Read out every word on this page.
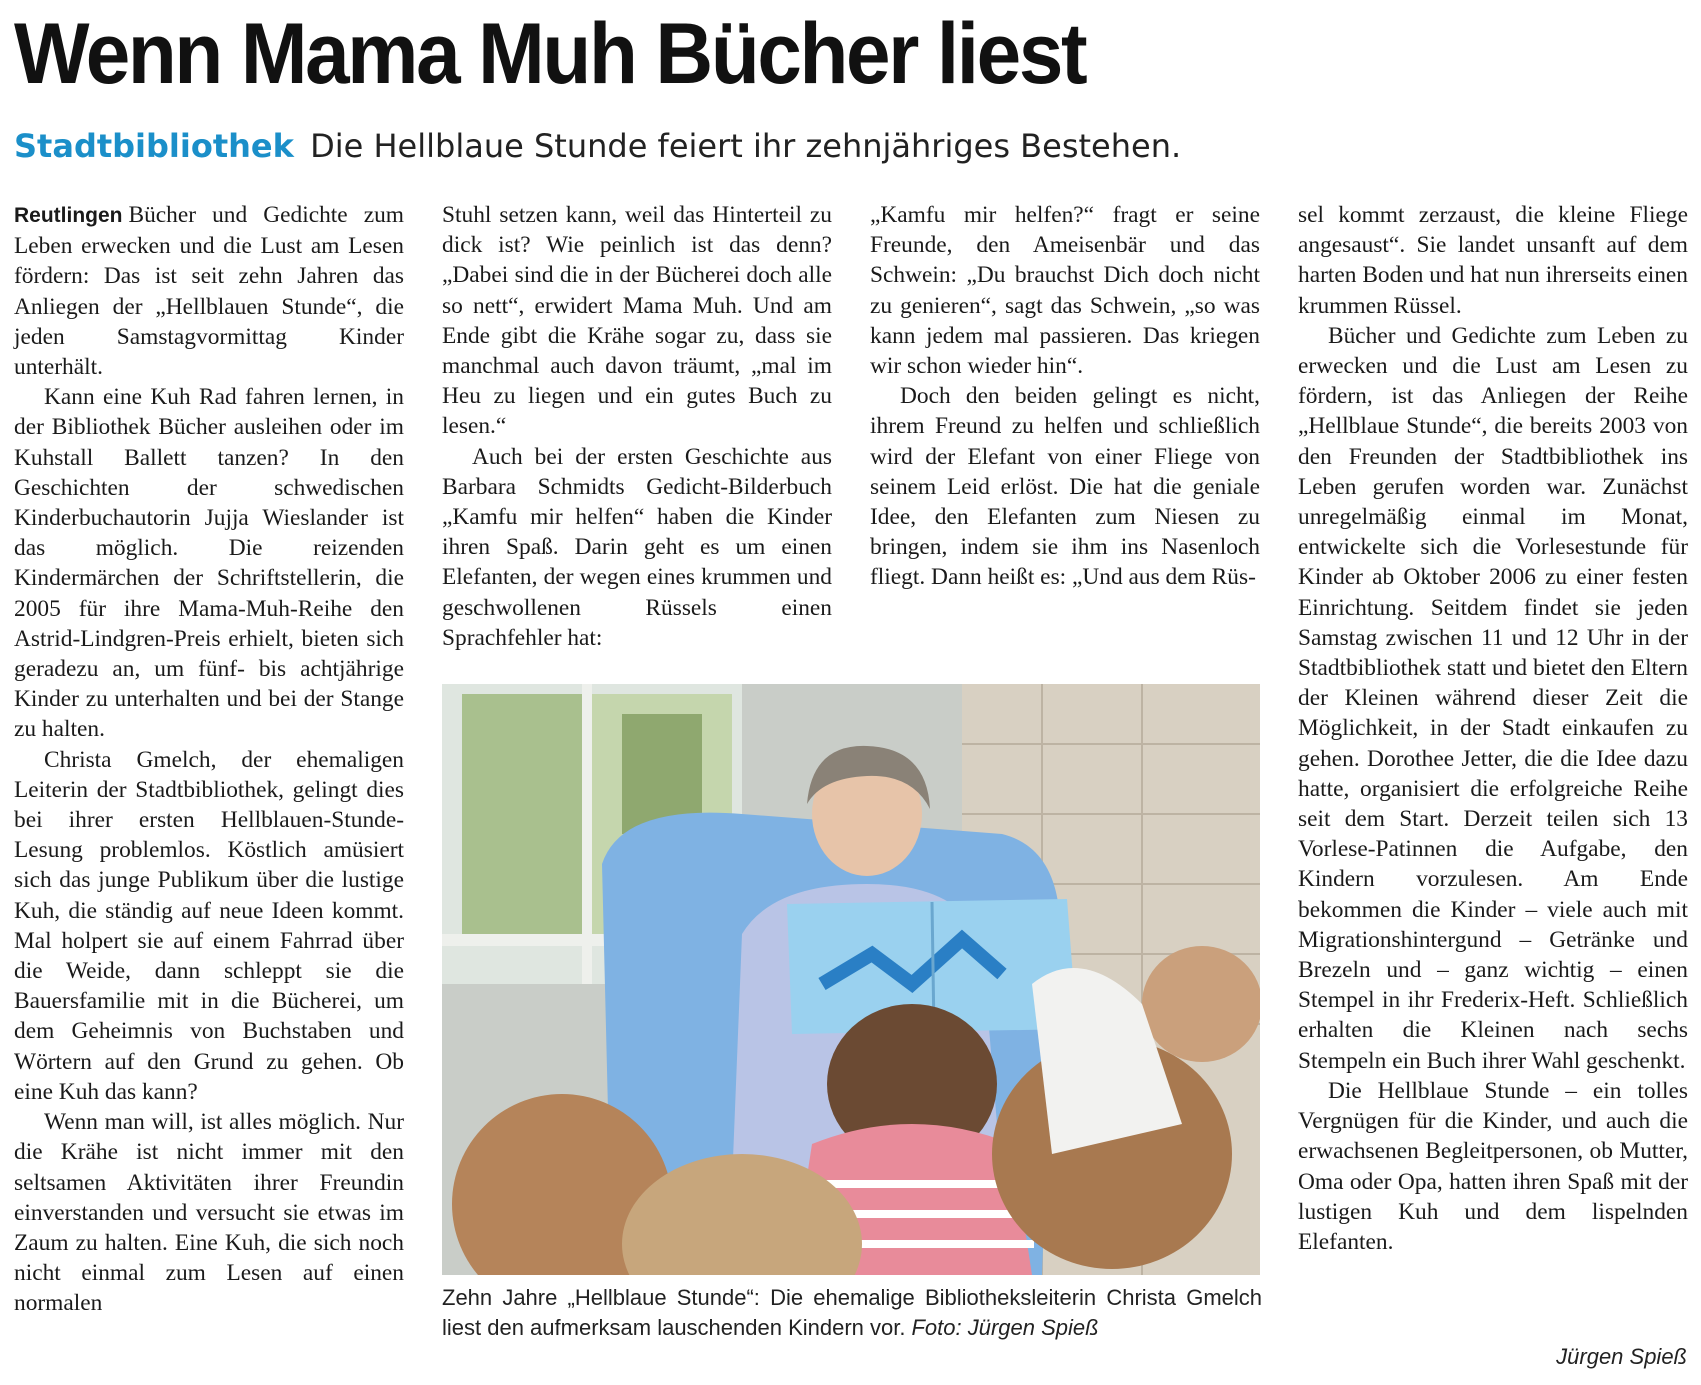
Wenn Mama Muh Bücher liest
Stadtbibliothek Die Hellblaue Stunde feiert ihr zehnjähriges Bestehen.

Reutlingen Bücher und Gedichte zum Leben erwecken und die Lust am Lesen fördern: Das ist seit zehn Jahren das Anliegen der „Hellblauen Stunde“, die jeden Samstagvormittag Kinder unterhält.

Kann eine Kuh Rad fahren lernen, in der Bibliothek Bücher ausleihen oder im Kuhstall Ballett tanzen? In den Geschichten der schwedischen Kinderbuchautorin Jujja Wieslander ist das möglich. Die reizenden Kindermärchen der Schriftstellerin, die 2005 für ihre Mama-Muh-Reihe den Astrid-Lindgren-Preis erhielt, bieten sich geradezu an, um fünf- bis achtjährige Kinder zu unterhalten und bei der Stange zu halten.

Christa Gmelch, der ehemaligen Leiterin der Stadtbibliothek, gelingt dies bei ihrer ersten Hellblauen-Stunde-Lesung problemlos. Köstlich amüsiert sich das junge Publikum über die lustige Kuh, die ständig auf neue Ideen kommt. Mal holpert sie auf einem Fahrrad über die Weide, dann schleppt sie die Bauersfamilie mit in die Bücherei, um dem Geheimnis von Buchstaben und Wörtern auf den Grund zu gehen. Ob eine Kuh das kann?

Wenn man will, ist alles möglich. Nur die Krähe ist nicht immer mit den seltsamen Aktivitäten ihrer Freundin einverstanden und versucht sie etwas im Zaum zu halten. Eine Kuh, die sich noch nicht einmal zum Lesen auf einen normalen

Stuhl setzen kann, weil das Hinterteil zu dick ist? Wie peinlich ist das denn? „Dabei sind die in der Bücherei doch alle so nett“, erwidert Mama Muh. Und am Ende gibt die Krähe sogar zu, dass sie manchmal auch davon träumt, „mal im Heu zu liegen und ein gutes Buch zu lesen.“

Auch bei der ersten Geschichte aus Barbara Schmidts Gedicht-Bilderbuch „Kamfu mir helfen“ haben die Kinder ihren Spaß. Darin geht es um einen Elefanten, der wegen eines krummen und geschwollenen Rüssels einen Sprachfehler hat:

„Kamfu mir helfen?“ fragt er seine Freunde, den Ameisenbär und das Schwein: „Du brauchst Dich doch nicht zu genieren“, sagt das Schwein, „so was kann jedem mal passieren. Das kriegen wir schon wieder hin“.

Doch den beiden gelingt es nicht, ihrem Freund zu helfen und schließlich wird der Elefant von einer Fliege von seinem Leid erlöst. Die hat die geniale Idee, den Elefanten zum Niesen zu bringen, indem sie ihm ins Nasenloch fliegt. Dann heißt es: „Und aus dem Rüs-

sel kommt zerzaust, die kleine Fliege angesaust“. Sie landet unsanft auf dem harten Boden und hat nun ihrerseits einen krummen Rüssel.

Bücher und Gedichte zum Leben zu erwecken und die Lust am Lesen zu fördern, ist das Anliegen der Reihe „Hellblaue Stunde“, die bereits 2003 von den Freunden der Stadtbibliothek ins Leben gerufen worden war. Zunächst unregelmäßig einmal im Monat, entwickelte sich die Vorlesestunde für Kinder ab Oktober 2006 zu einer festen Einrichtung. Seitdem findet sie jeden Samstag zwischen 11 und 12 Uhr in der Stadtbibliothek statt und bietet den Eltern der Kleinen während dieser Zeit die Möglichkeit, in der Stadt einkaufen zu gehen. Dorothee Jetter, die die Idee dazu hatte, organisiert die erfolgreiche Reihe seit dem Start. Derzeit teilen sich 13 Vorlese-Patinnen die Aufgabe, den Kindern vorzulesen. Am Ende bekommen die Kinder – viele auch mit Migrationshintergund – Getränke und Brezeln und – ganz wichtig – einen Stempel in ihr Frederix-Heft. Schließlich erhalten die Kleinen nach sechs Stempeln ein Buch ihrer Wahl geschenkt.

Die Hellblaue Stunde – ein tolles Vergnügen für die Kinder, und auch die erwachsenen Begleitpersonen, ob Mutter, Oma oder Opa, hatten ihren Spaß mit der lustigen Kuh und dem lispelnden Elefanten.

Jürgen Spieß
Zehn Jahre „Hellblaue Stunde“: Die ehemalige Bibliotheksleiterin Christa Gmelch liest den aufmerksam lauschenden Kindern vor. Foto: Jürgen Spieß
